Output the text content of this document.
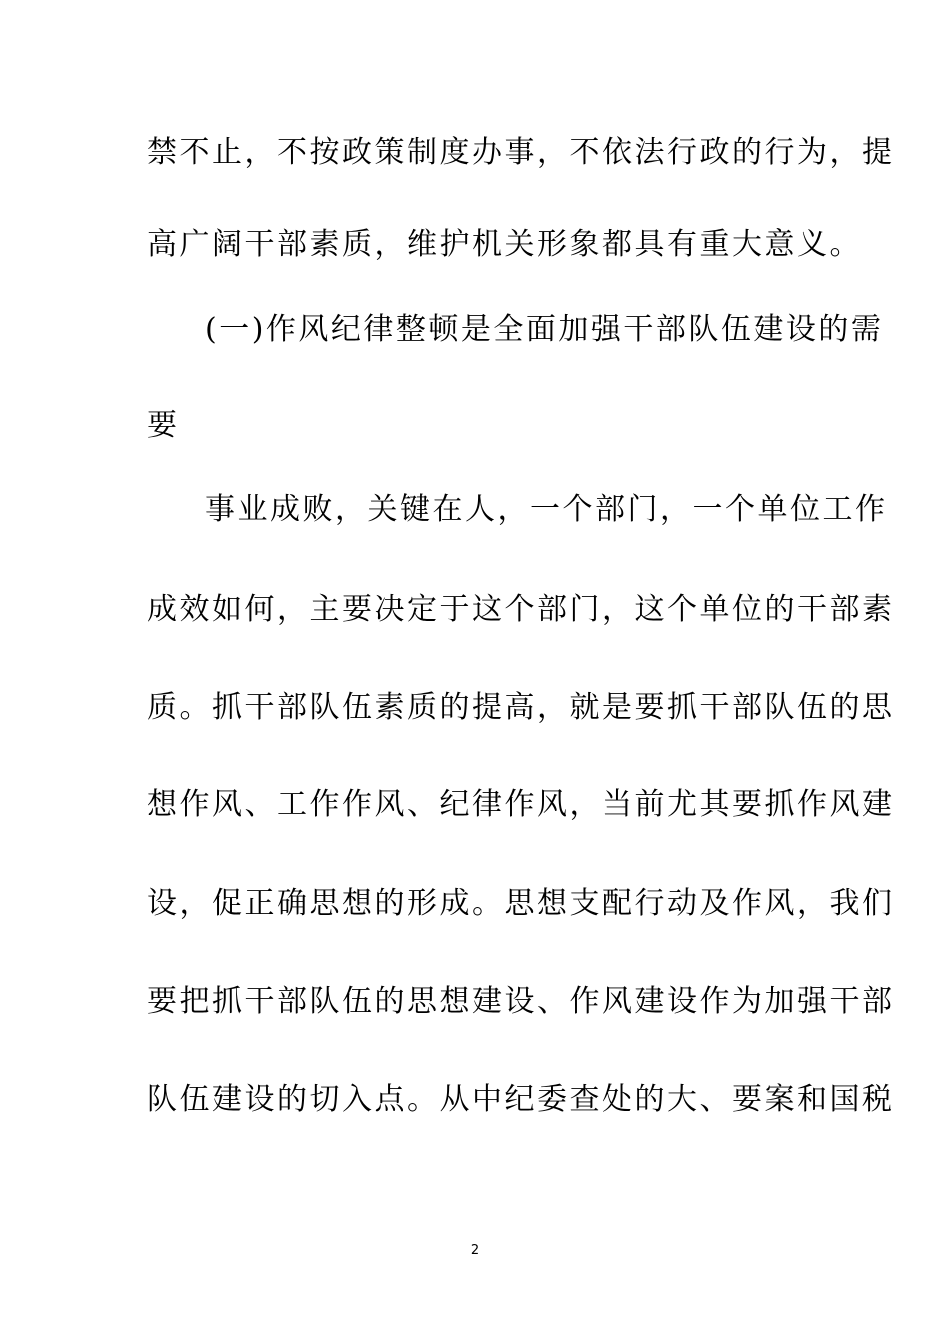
禁不止，不按政策制度办事，不依法行政的行为，提
高广阔干部素质，维护机关形象都具有重大意义。
(一)作风纪律整顿是全面加强干部队伍建设的需
要
事业成败，关键在人，一个部门，一个单位工作
成效如何，主要决定于这个部门，这个单位的干部素
质。抓干部队伍素质的提高，就是要抓干部队伍的思
想作风、工作作风、纪律作风，当前尤其要抓作风建
设，促正确思想的形成。思想支配行动及作风，我们
要把抓干部队伍的思想建设、作风建设作为加强干部
队伍建设的切入点。从中纪委查处的大、要案和国税
2
